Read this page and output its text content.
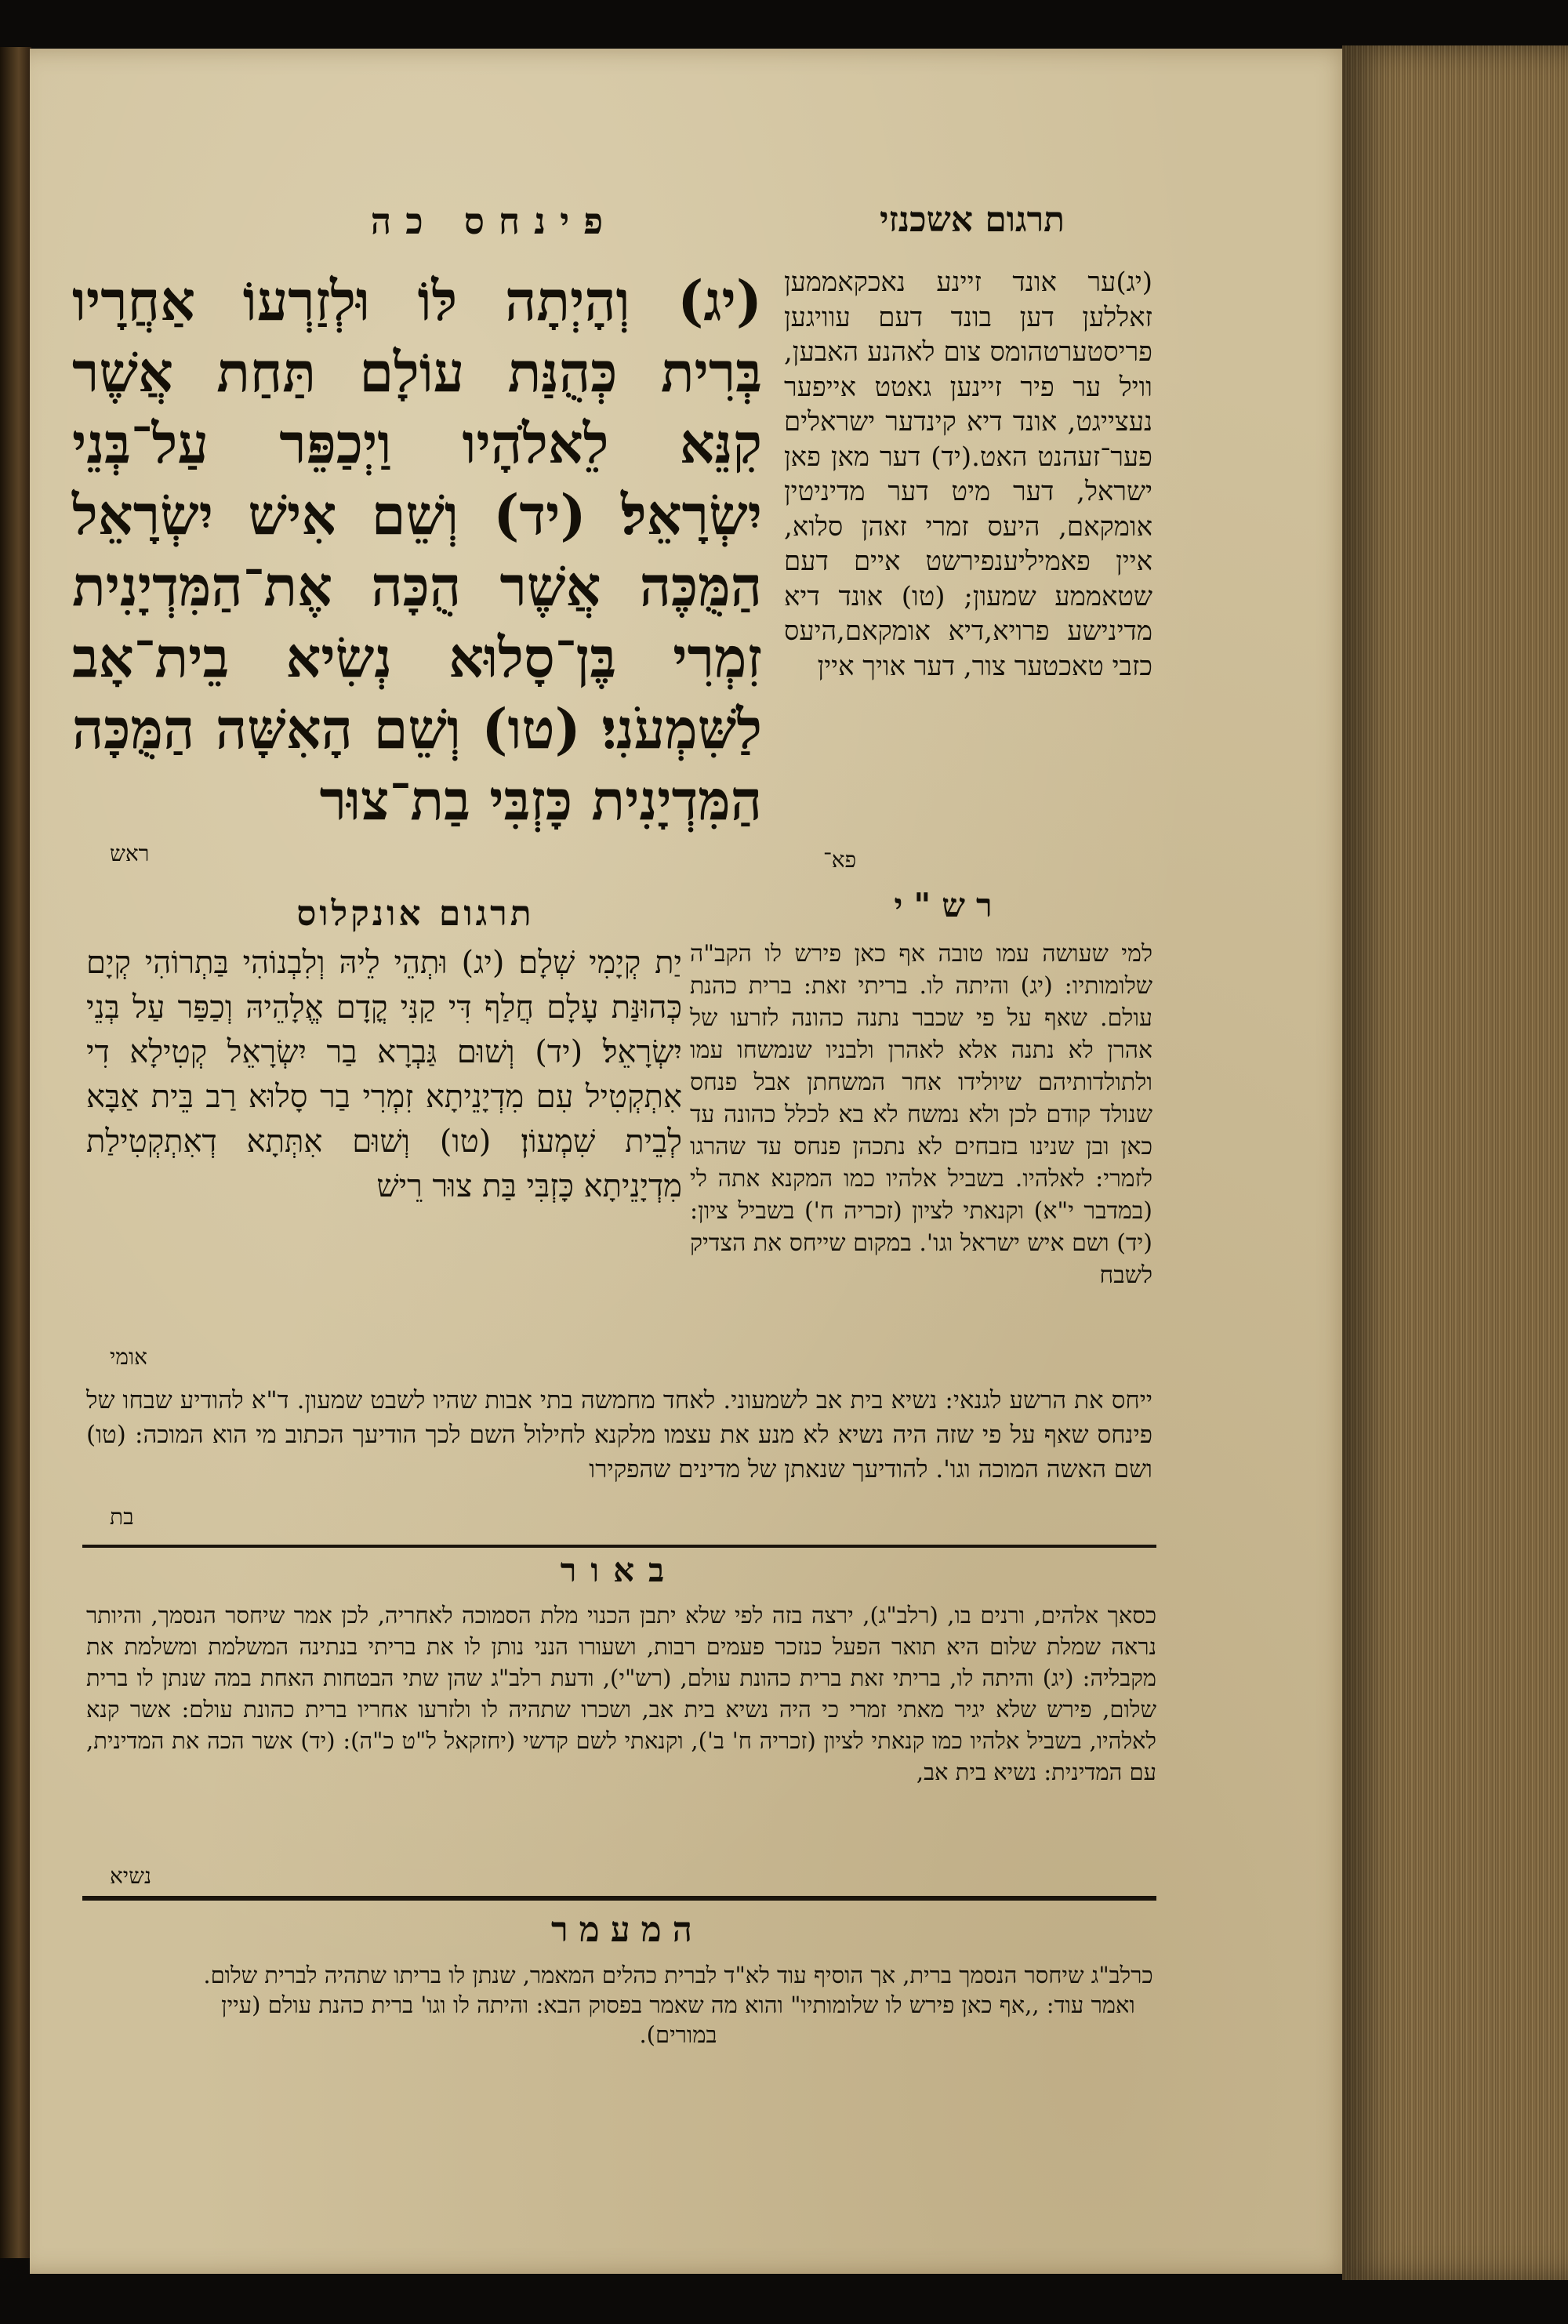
פינחס כה	תרגום אשכנזי
(יג) וְהָיְתָה לּוֹ וּלְזַרְעוֹ אַחֲרָיו בְּרִית כְּהֻנַּת עוֹלָם תַּחַת אֲשֶׁר קִנֵּא לֵאלֹהָיו וַיְכַפֵּר עַל־בְּנֵי יִשְׂרָאֵל׃ (יד) וְשֵׁם אִישׁ יִשְׂרָאֵל הַמֻּכֶּה אֲשֶׁר הֻכָּה אֶת־הַמִּדְיָנִית זִמְרִי בֶּן־סָלוּא נְשִׂיא בֵית־אָב לַשִּׁמְעֹנִי׃ (טו) וְשֵׁם הָאִשָּׁה הַמֻּכָּה הַמִּדְיָנִית כָּזְבִּי בַת־צוּר
ראש
(יג)ער אונד זיינע נאכקאממען זאללען דען בונד דעם עוויגען פריסטערטהומס צום לאהנע האבען, וויל ער פיר זיינען גאטט אייפער נעצייגט, אונד דיא קינדער ישראלים פער־זעהנט האט.(יד) דער מאן פאן ישראל, דער מיט דער מדיניטין אומקאם, היעס זמרי זאהן סלוא, איין פאמיליענפירשט איים דעם שטאממע שמעון; (טו) אונד דיא מדינישע פרויא,דיא אומקאם,היעס כזבי טאכטער צור, דער אויך איין
פא־
תרגום אונקלוס
יַת קְיָמִי שְׁלָם׃ (יג) וּתְהֵי לֵיהּ וְלִבְנוֹהִי בַּתְרוֹהִי קְיָם כְּהוּנַּת עָלָם חֲלַף דִּי קַנִּי קֳדָם אֱלָהֵיהּ וְכַפַּר עַל בְּנֵי יִשְׂרָאֵל׃ (יד) וְשׁוּם גַּבְרָא בַר יִשְׂרָאֵל קְטִילָא דִי אִתְקְטִיל עִם מִדְיָנֵיתָא זִמְרִי בַר סָלוּא רַב בֵּית אַבָּא לְבֵית שִׁמְעוֹן׃ (טו) וְשׁוּם אִתְּתָא דְאִתְקְטִילַת מִדְיָנֵיתָא כָּזְבִּי בַּת צוּר רֵישׁ
אומי
רש"י
למי שעושה עמו טובה אף כאן פירש לו הקב"ה שלומותיו: (יג) והיתה לו. בריתי זאת: ברית כהנת עולם. שאף על פי שכבר נתנה כהונה לזרעו של אהרן לא נתנה אלא לאהרן ולבניו שנמשחו עמו ולתולדותיהם שיולידו אחר המשחתן אבל פנחס שנולד קודם לכן ולא נמשח לא בא לכלל כהונה עד כאן ובן שנינו בזבחים לא נתכהן פנחס עד שהרגו לזמרי: לאלהיו. בשביל אלהיו כמו המקנא אתה לי (במדבר י"א) וקנאתי לציון (זכריה ח') בשביל ציון: (יד) ושם איש ישראל וגו'. במקום שייחס את הצדיק לשבח
ייחס את הרשע לגנאי: נשיא בית אב לשמעוני. לאחד מחמשה בתי אבות שהיו לשבט שמעון. ד"א להודיע שבחו של פינחס שאף על פי שזה היה נשיא לא מנע את עצמו מלקנא לחילול השם לכך הודיעך הכתוב מי הוא המוכה: (טו) ושם האשה המוכה וגו'. להודיעך שנאתן של מדינים שהפקירו
בת
באור
כסאך אלהים, ורנים בו, (רלב"ג), ירצה בזה לפי שלא יתבן הכנוי מלת הסמוכה לאחריה, לכן אמר שיחסר הנסמך, והיותר נראה שמלת שלום היא תואר הפעל כנזכר פעמים רבות, ושעורו הנני נותן לו את בריתי בנתינה המשלמת ומשלמת את מקבליה: (יג) והיתה לו, בריתי זאת ברית כהונת עולם, (רש"י), ודעת רלב"ג שהן שתי הבטחות האחת במה שנתן לו ברית שלום, פירש שלא יגיר מאתי זמרי כי היה נשיא בית אב, ושכרו שתהיה לו ולזרעו אחריו ברית כהונת עולם: אשר קנא לאלהיו, בשביל אלהיו כמו קנאתי לציון (זכריה ח' ב'), וקנאתי לשם קדשי (יחזקאל ל"ט כ"ה): (יד) אשר הכה את המדינית, עם המדינית: נשיא בית אב,
נשיא
המעמר
כרלב"ג שיחסר הנסמך ברית, אך הוסיף עוד לא"ד לברית כהלים המאמר, שנתן לו בריתו שתהיה לברית שלום. ואמר עוד: ,,אף כאן פירש לו שלומותיו" והוא מה שאמר בפסוק הבא: והיתה לו וגו' ברית כהנת עולם (עיין במורים).
